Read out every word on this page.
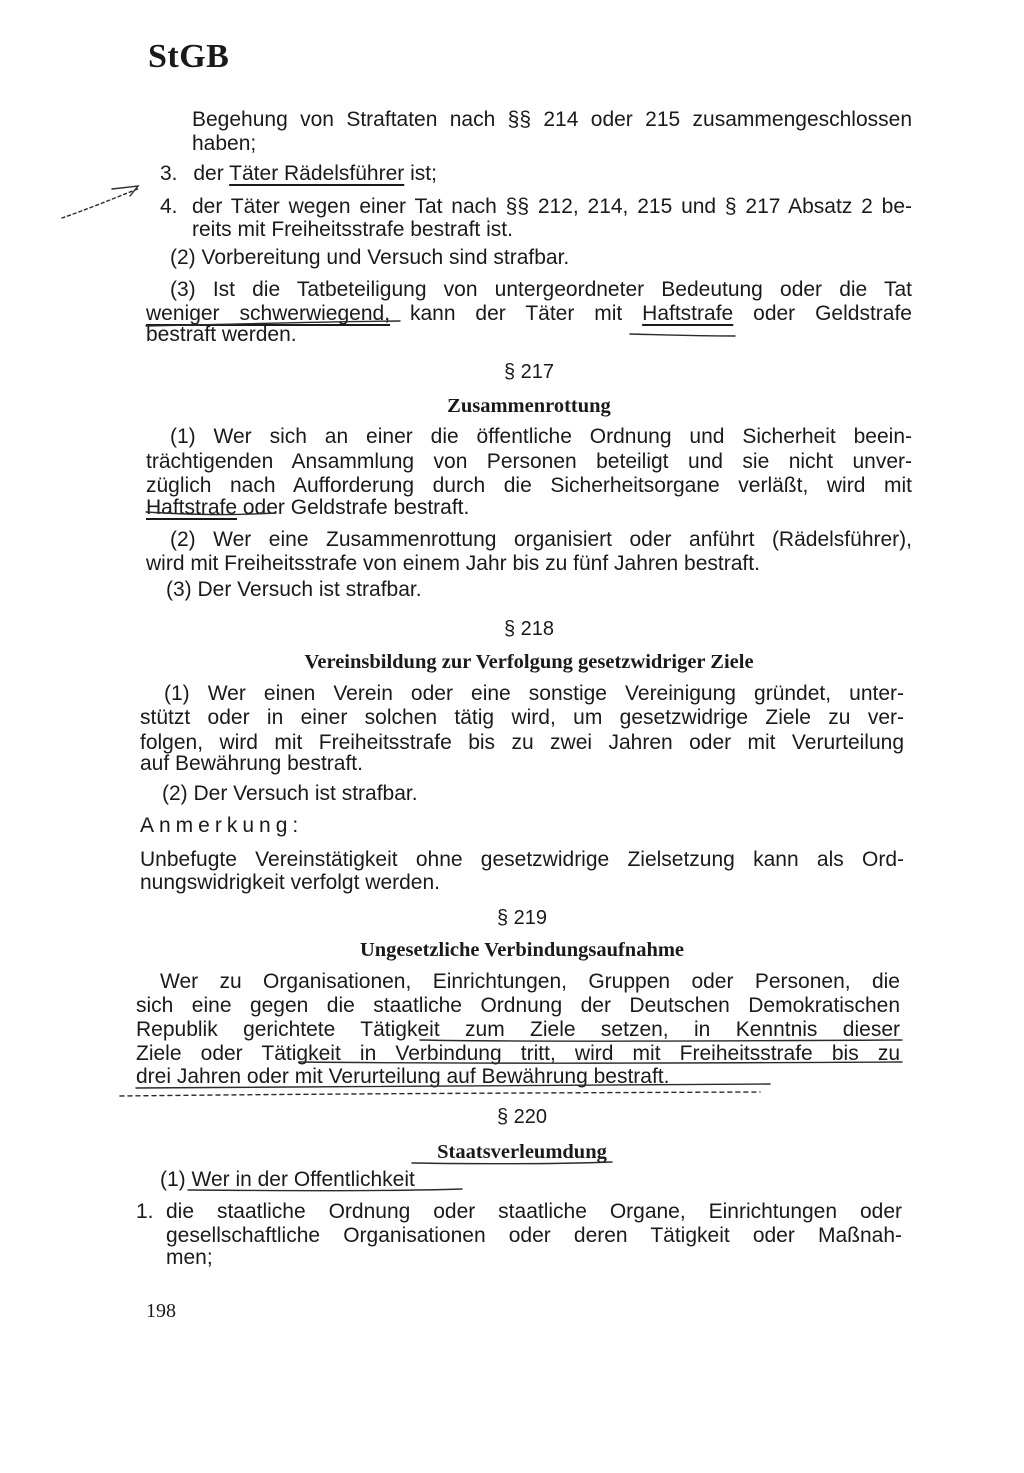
StGB
Begehung von Straftaten nach §§ 214 oder 215 zusammengeschlossen
haben;
3. der Täter Rädelsführer ist;
4. der Täter wegen einer Tat nach §§ 212, 214, 215 und § 217 Absatz 2 be-
reits mit Freiheitsstrafe bestraft ist.
(2) Vorbereitung und Versuch sind strafbar.
(3) Ist die Tatbeteiligung von untergeordneter Bedeutung oder die Tat
weniger schwerwiegend, kann der Täter mit Haftstrafe oder Geldstrafe
bestraft werden.
§ 217
Zusammenrottung
(1) Wer sich an einer die öffentliche Ordnung und Sicherheit beein-
trächtigenden Ansammlung von Personen beteiligt und sie nicht unver-
züglich nach Aufforderung durch die Sicherheitsorgane verläßt, wird mit
Haftstrafe oder Geldstrafe bestraft.
(2) Wer eine Zusammenrottung organisiert oder anführt (Rädelsführer),
wird mit Freiheitsstrafe von einem Jahr bis zu fünf Jahren bestraft.
(3) Der Versuch ist strafbar.
§ 218
Vereinsbildung zur Verfolgung gesetzwidriger Ziele
(1) Wer einen Verein oder eine sonstige Vereinigung gründet, unter-
stützt oder in einer solchen tätig wird, um gesetzwidrige Ziele zu ver-
folgen, wird mit Freiheitsstrafe bis zu zwei Jahren oder mit Verurteilung
auf Bewährung bestraft.
(2) Der Versuch ist strafbar.
Anmerkung:
Unbefugte Vereinstätigkeit ohne gesetzwidrige Zielsetzung kann als Ord-
nungswidrigkeit verfolgt werden.
§ 219
Ungesetzliche Verbindungsaufnahme
Wer zu Organisationen, Einrichtungen, Gruppen oder Personen, die
sich eine gegen die staatliche Ordnung der Deutschen Demokratischen
Republik gerichtete Tätigkeit zum Ziele setzen, in Kenntnis dieser
Ziele oder Tätigkeit in Verbindung tritt, wird mit Freiheitsstrafe bis zu
drei Jahren oder mit Verurteilung auf Bewährung bestraft.
§ 220
Staatsverleumdung
(1) Wer in der Offentlichkeit
1. die staatliche Ordnung oder staatliche Organe, Einrichtungen oder
gesellschaftliche Organisationen oder deren Tätigkeit oder Maßnah-
men;
198
